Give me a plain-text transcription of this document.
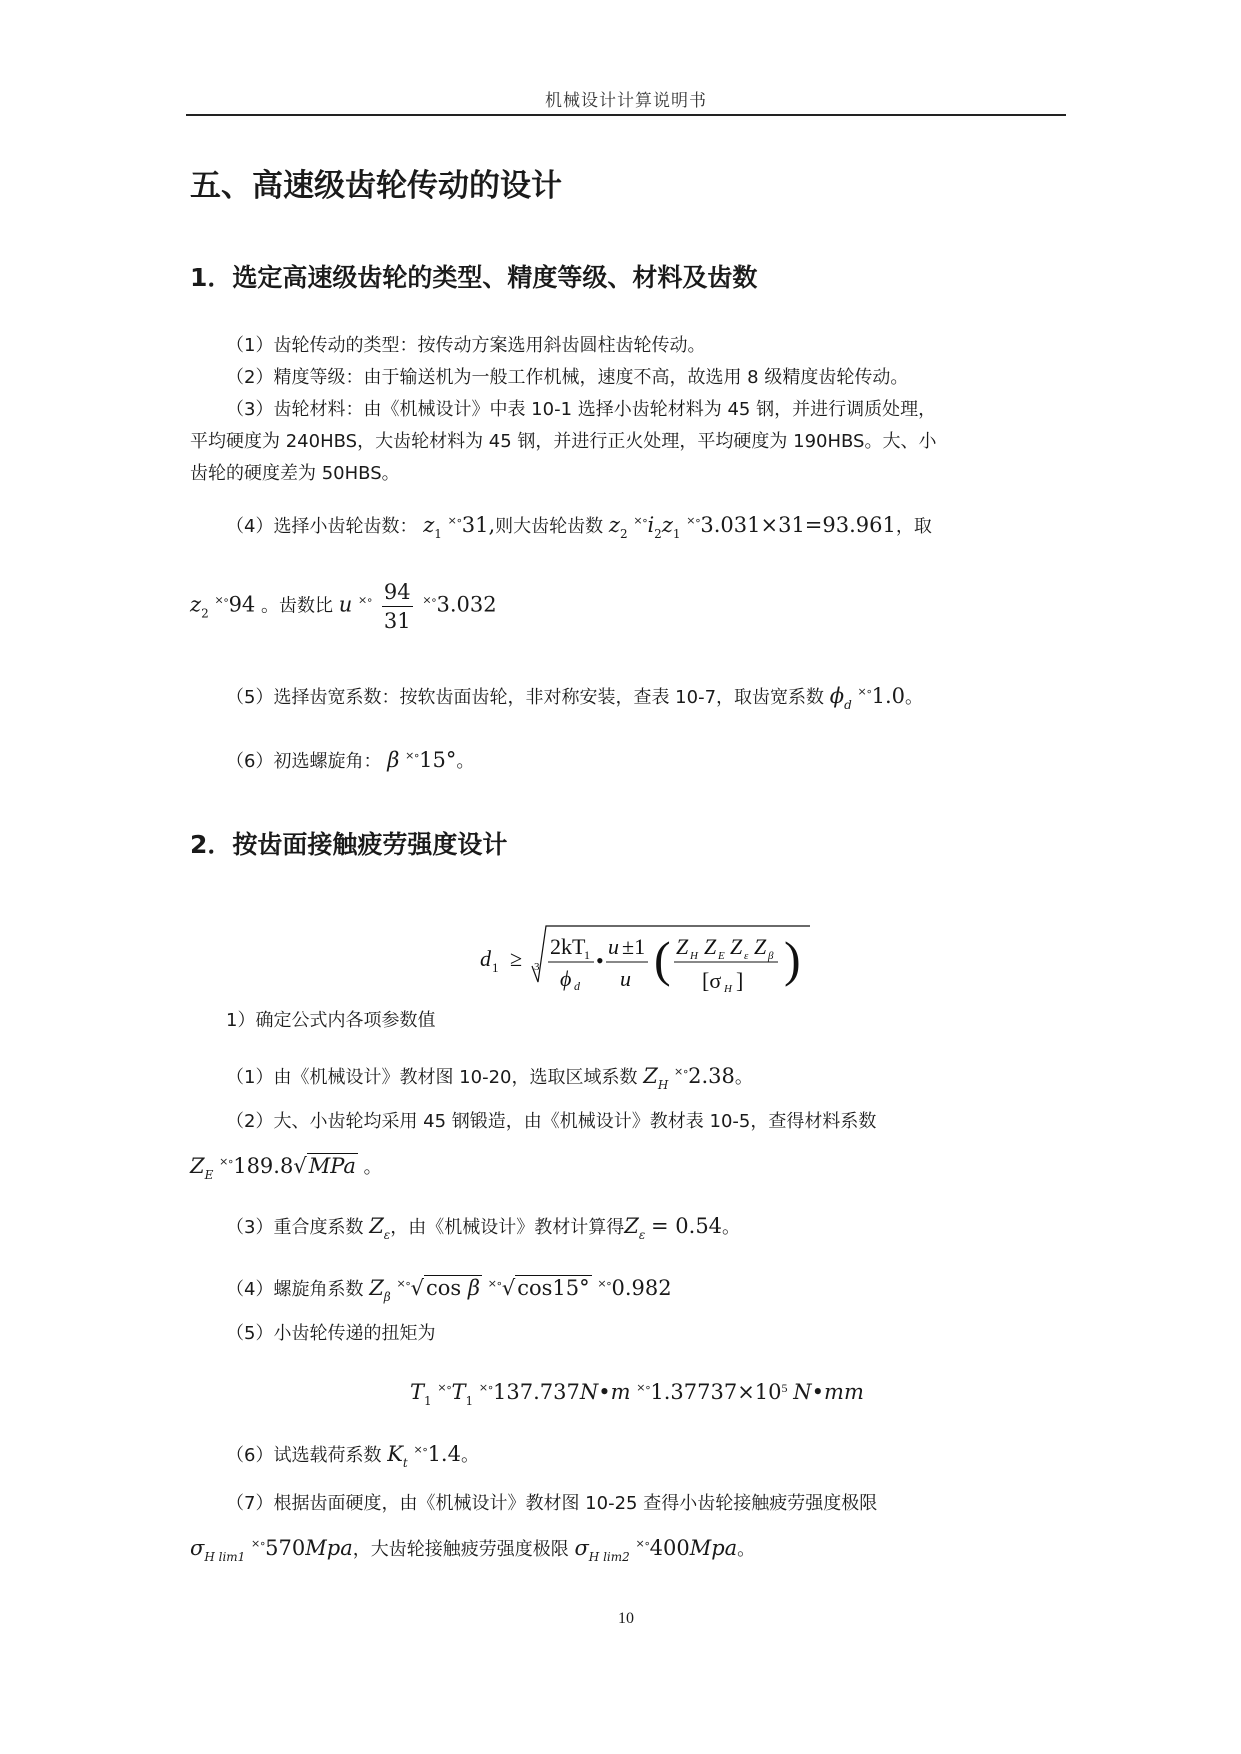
机械设计计算说明书
五、高速级齿轮传动的设计
1．选定高速级齿轮的类型、精度等级、材料及齿数
（1）齿轮传动的类型：按传动方案选用斜齿圆柱齿轮传动。
（2）精度等级：由于输送机为一般工作机械，速度不高，故选用 8 级精度齿轮传动。
（3）齿轮材料：由《机械设计》中表 10-1 选择小齿轮材料为 45 钢，并进行调质处理，
平均硬度为 240HBS，大齿轮材料为 45 钢，并进行正火处理，平均硬度为 190HBS。大、小
齿轮的硬度差为 50HBS。
（4）选择小齿轮齿数： $z_1$ ×∘31,则大齿轮齿数 $z_2$ $^{\times\circ}i_2z_1$ ×∘3.031×31=93.961，取
$z_2$ ×∘94 。齿数比 u $^{\times\circ} \frac{94}{31} ^{\times\circ}3.032$
（5）选择齿宽系数：按软齿面齿轮，非对称安装，查表 10-7，取齿宽系数 $\phi_d$ ×∘1.0。
（6）初选螺旋角： β ×∘15°。
2．按齿面接触疲劳强度设计
d 1 ≥ 3
2kT
1
ϕ d
•
u ±1
u ( Z H Z E Z ε Z β
[σ H ] )
1）确定公式内各项参数值
（1）由《机械设计》教材图 10-20，选取区域系数 $Z_H$ ×∘2.38。
（2）大、小齿轮均采用 45 钢锻造，由《机械设计》教材表 10-5，查得材料系数
$Z_E$ ×∘189.8√MPa 。
（3）重合度系数 $Z_\varepsilon$，由《机械设计》教材计算得$Z_\varepsilon = 0.54$。
（4）螺旋角系数 $Z_\beta$ ×∘√cos β ×∘√cos15° ×∘0.982
（5）小齿轮传递的扭矩为
$T_1$ $^{\times\circ}T_1$ ×∘137.737N•m $^{\times\circ}1.37737\times 10^5$ N•mm
（6）试选载荷系数 $K_t$ ×∘1.4。
（7）根据齿面硬度，由《机械设计》教材图 10-25 查得小齿轮接触疲劳强度极限
$\sigma_{H lim1}$ ×∘570Mpa，大齿轮接触疲劳强度极限 $\sigma_{H lim2}$ ×∘400Mpa。
10
